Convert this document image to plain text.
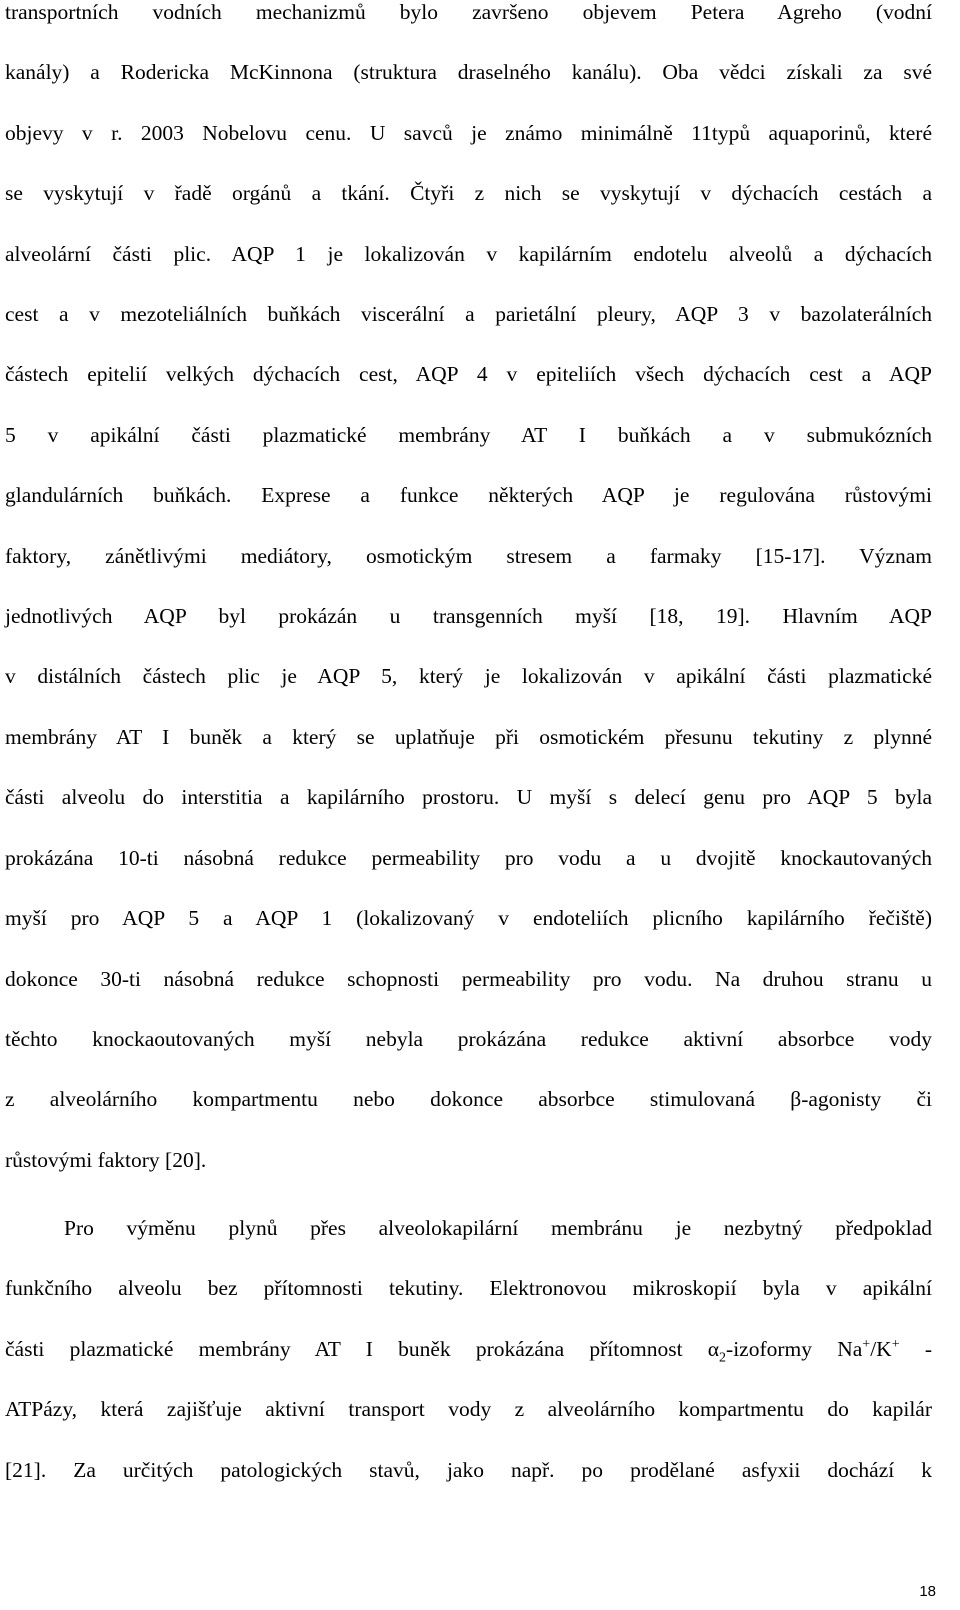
transportních vodních mechanizmů bylo završeno objevem Petera Agreho (vodní
kanály) a Rodericka McKinnona (struktura draselného kanálu). Oba vědci získali za své
objevy v r. 2003 Nobelovu cenu. U savců je známo minimálně 11typů aquaporinů, které
se vyskytují v řadě orgánů a tkání. Čtyři z nich se vyskytují v dýchacích cestách a
alveolární části plic. AQP 1 je lokalizován v kapilárním endotelu alveolů a dýchacích
cest a v mezoteliálních buňkách viscerální a parietální pleury, AQP 3 v bazolaterálních
částech epitelií velkých dýchacích cest, AQP 4 v epiteliích všech dýchacích cest a AQP
5 v apikální části plazmatické membrány AT I buňkách a v submukózních
glandulárních buňkách. Exprese a funkce některých AQP je regulována růstovými
faktory, zánětlivými mediátory, osmotickým stresem a farmaky [15-17]. Význam
jednotlivých AQP byl prokázán u transgenních myší [18, 19]. Hlavním AQP
v distálních částech plic je AQP 5, který je lokalizován v apikální části plazmatické
membrány AT I buněk a který se uplatňuje při osmotickém přesunu tekutiny z plynné
části alveolu do interstitia a kapilárního prostoru. U myší s delecí genu pro AQP 5 byla
prokázána 10-ti násobná redukce permeability pro vodu a u dvojitě knockautovaných
myší pro AQP 5 a AQP 1 (lokalizovaný v endoteliích plicního kapilárního řečiště)
dokonce 30-ti násobná redukce schopnosti permeability pro vodu. Na druhou stranu u
těchto knockaoutovaných myší nebyla prokázána redukce aktivní absorbce vody
z alveolárního kompartmentu nebo dokonce absorbce stimulovaná β-agonisty či
růstovými faktory [20].
Pro výměnu plynů přes alveolokapilární membránu je nezbytný předpoklad
funkčního alveolu bez přítomnosti tekutiny. Elektronovou mikroskopií byla v apikální
části plazmatické membrány AT I buněk prokázána přítomnost $\alpha_2$-izoformy Na+/K+ -
ATPázy, která zajišťuje aktivní transport vody z alveolárního kompartmentu do kapilár
[21]. Za určitých patologických stavů, jako např. po prodělané asfyxii dochází k
18
